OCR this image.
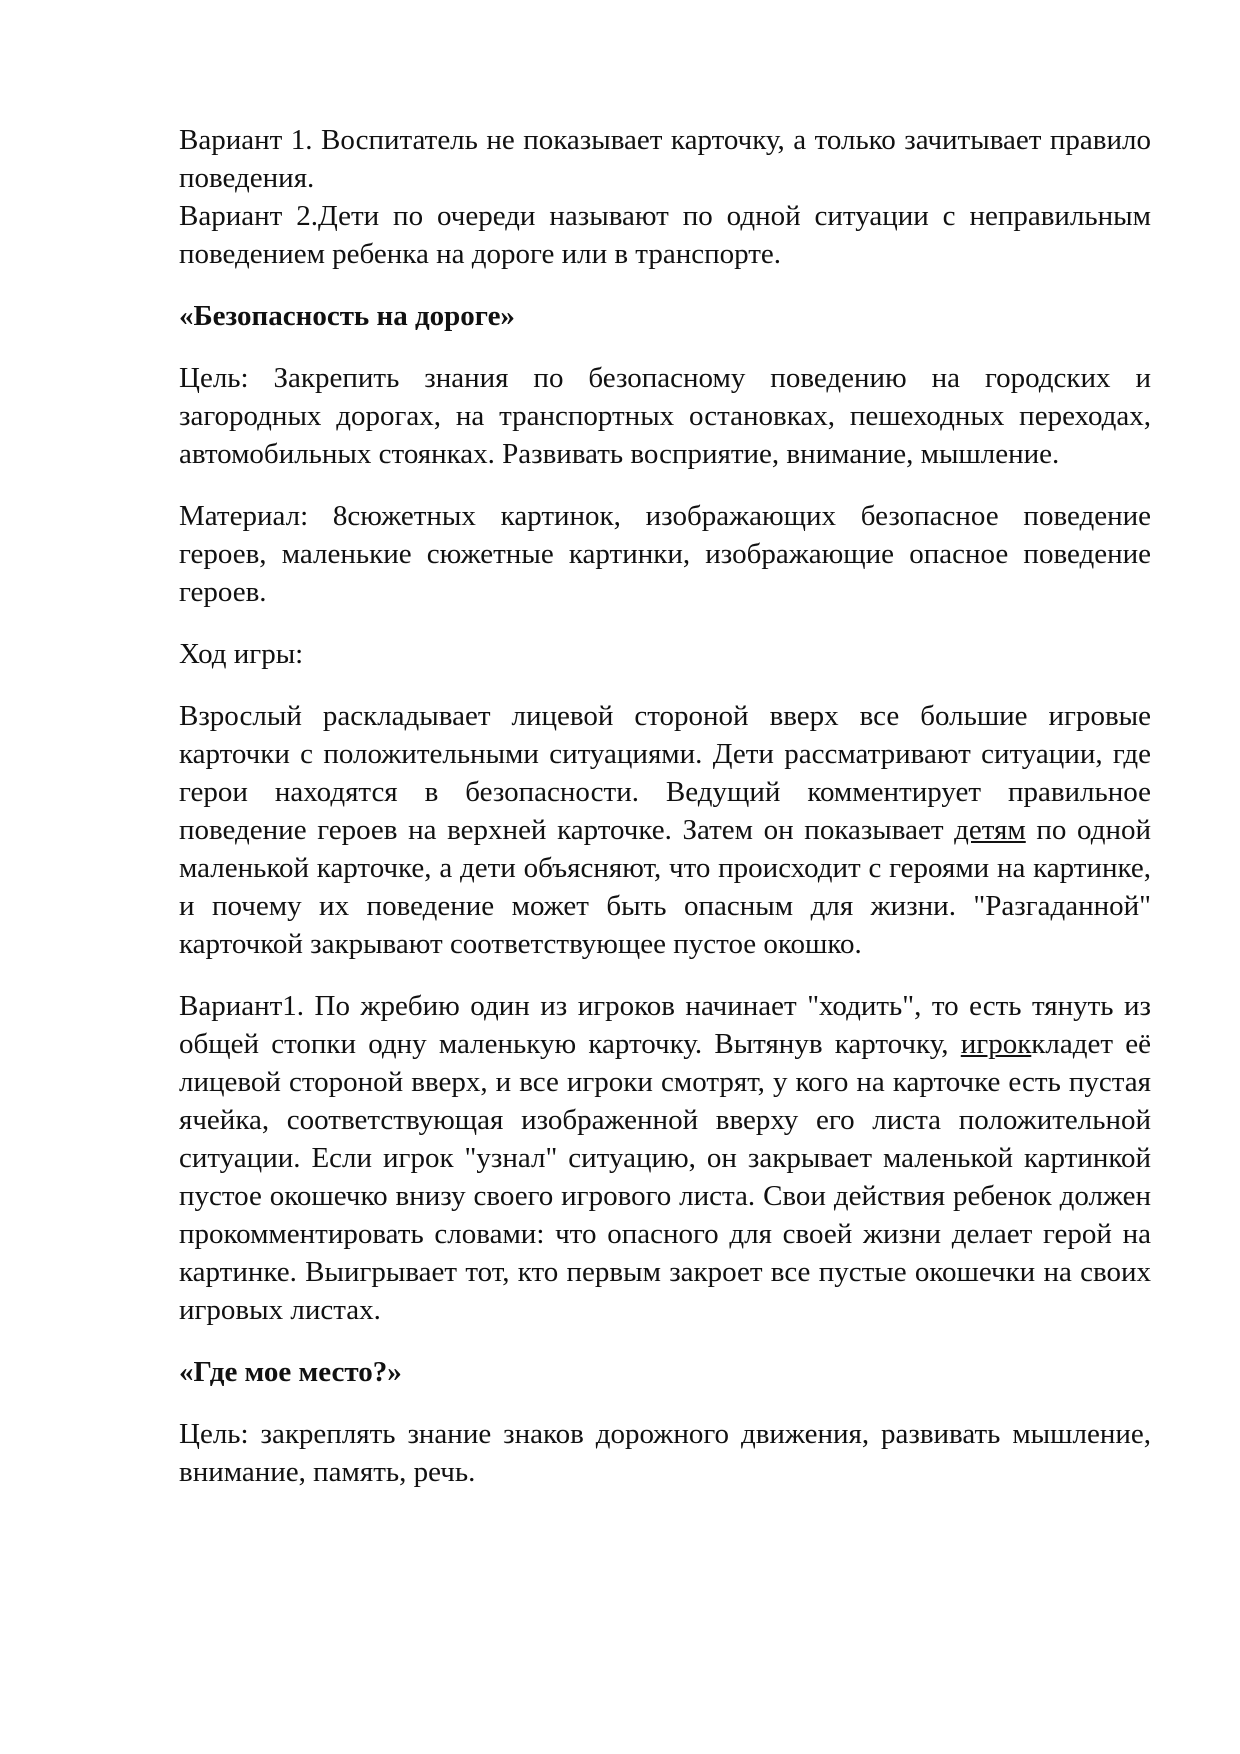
Вариант 1. Воспитатель не показывает карточку, а только зачитывает правило поведения.

Вариант 2.Дети по очереди называют по одной ситуации с неправильным поведением ребенка на дороге или в транспорте.

«Безопасность на дороге»

Цель: Закрепить знания по безопасному поведению на городских и загородных дорогах, на транспортных остановках, пешеходных переходах, автомобильных стоянках. Развивать восприятие, внимание, мышление.

Материал: 8сюжетных картинок, изображающих безопасное поведение героев, маленькие сюжетные картинки, изображающие опасное поведение героев.

Ход игры:

Взрослый раскладывает лицевой стороной вверх все большие игровые карточки с положительными ситуациями. Дети рассматривают ситуации, где герои находятся в безопасности. Ведущий комментирует правильное поведение героев на верхней карточке. Затем он показывает детям по одной маленькой карточке, а дети объясняют, что происходит с героями на картинке, и почему их поведение может быть опасным для жизни. "Разгаданной" карточкой закрывают соответствующее пустое окошко.

Вариант1. По жребию один из игроков начинает "ходить", то есть тянуть из общей стопки одну маленькую карточку. Вытянув карточку, игроккладет её лицевой стороной вверх, и все игроки смотрят, у кого на карточке есть пустая ячейка, соответствующая изображенной вверху его листа положительной ситуации. Если игрок "узнал" ситуацию, он закрывает маленькой картинкой пустое окошечко внизу своего игрового листа. Свои действия ребенок должен прокомментировать словами: что опасного для своей жизни делает герой на картинке. Выигрывает тот, кто первым закроет все пустые окошечки на своих игровых листах.

«Где мое место?»

Цель: закреплять знание знаков дорожного движения, развивать мышление, внимание, память, речь.
